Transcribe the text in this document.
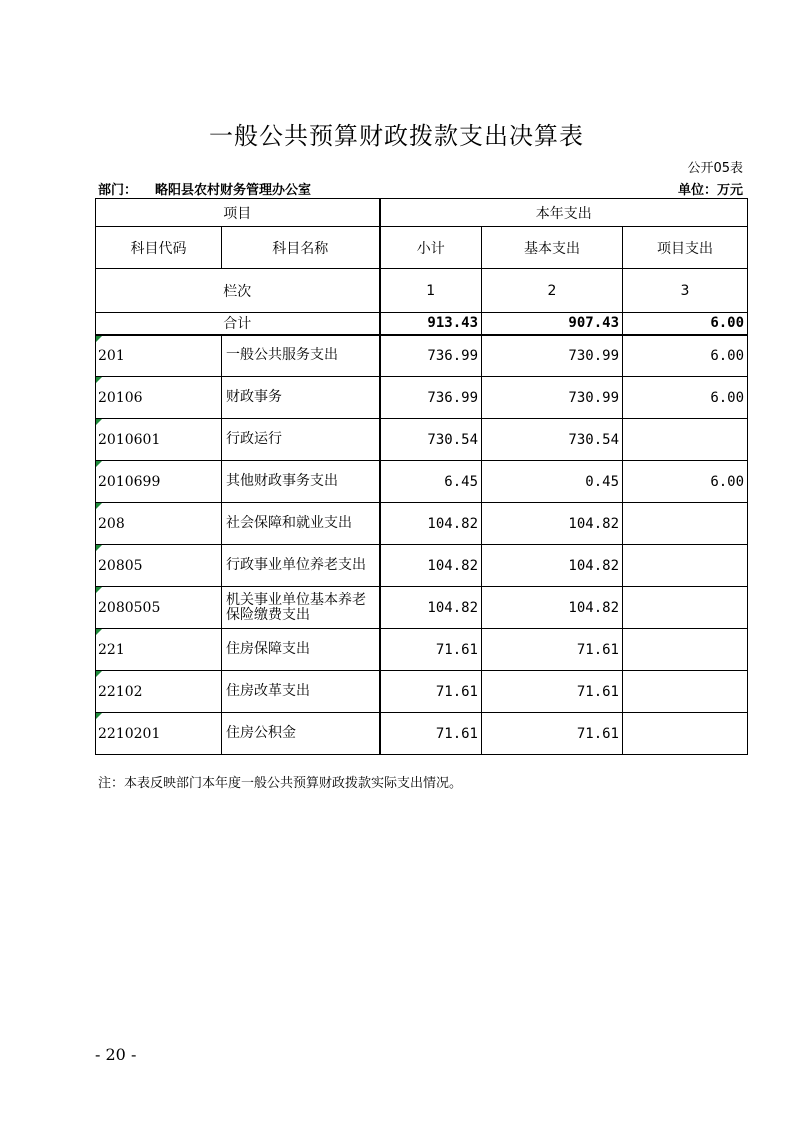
一般公共预算财政拨款支出决算表
公开05表
部门： 略阳县农村财务管理办公室	单位：万元
项目		本年支出		
科目代码	科目名称	小计	基本支出	项目支出
栏次		1	2	3
合计		913.43	907.43	6.00

201	一般公共服务支出	736.99	730.99	6.00

20106	财政事务	736.99	730.99	6.00

2010601	行政运行	730.54	730.54	

2010699	其他财政事务支出	6.45	0.45	6.00

208	社会保障和就业支出	104.82	104.82	

20805	行政事业单位养老支出	104.82	104.82	

2080505	机关事业单位基本养老保险缴费支出	104.82	104.82	

221	住房保障支出	71.61	71.61	

22102	住房改革支出	71.61	71.61	

2210201	住房公积金	71.61	71.61	
注：本表反映部门本年度一般公共预算财政拨款实际支出情况。
- 20 -
